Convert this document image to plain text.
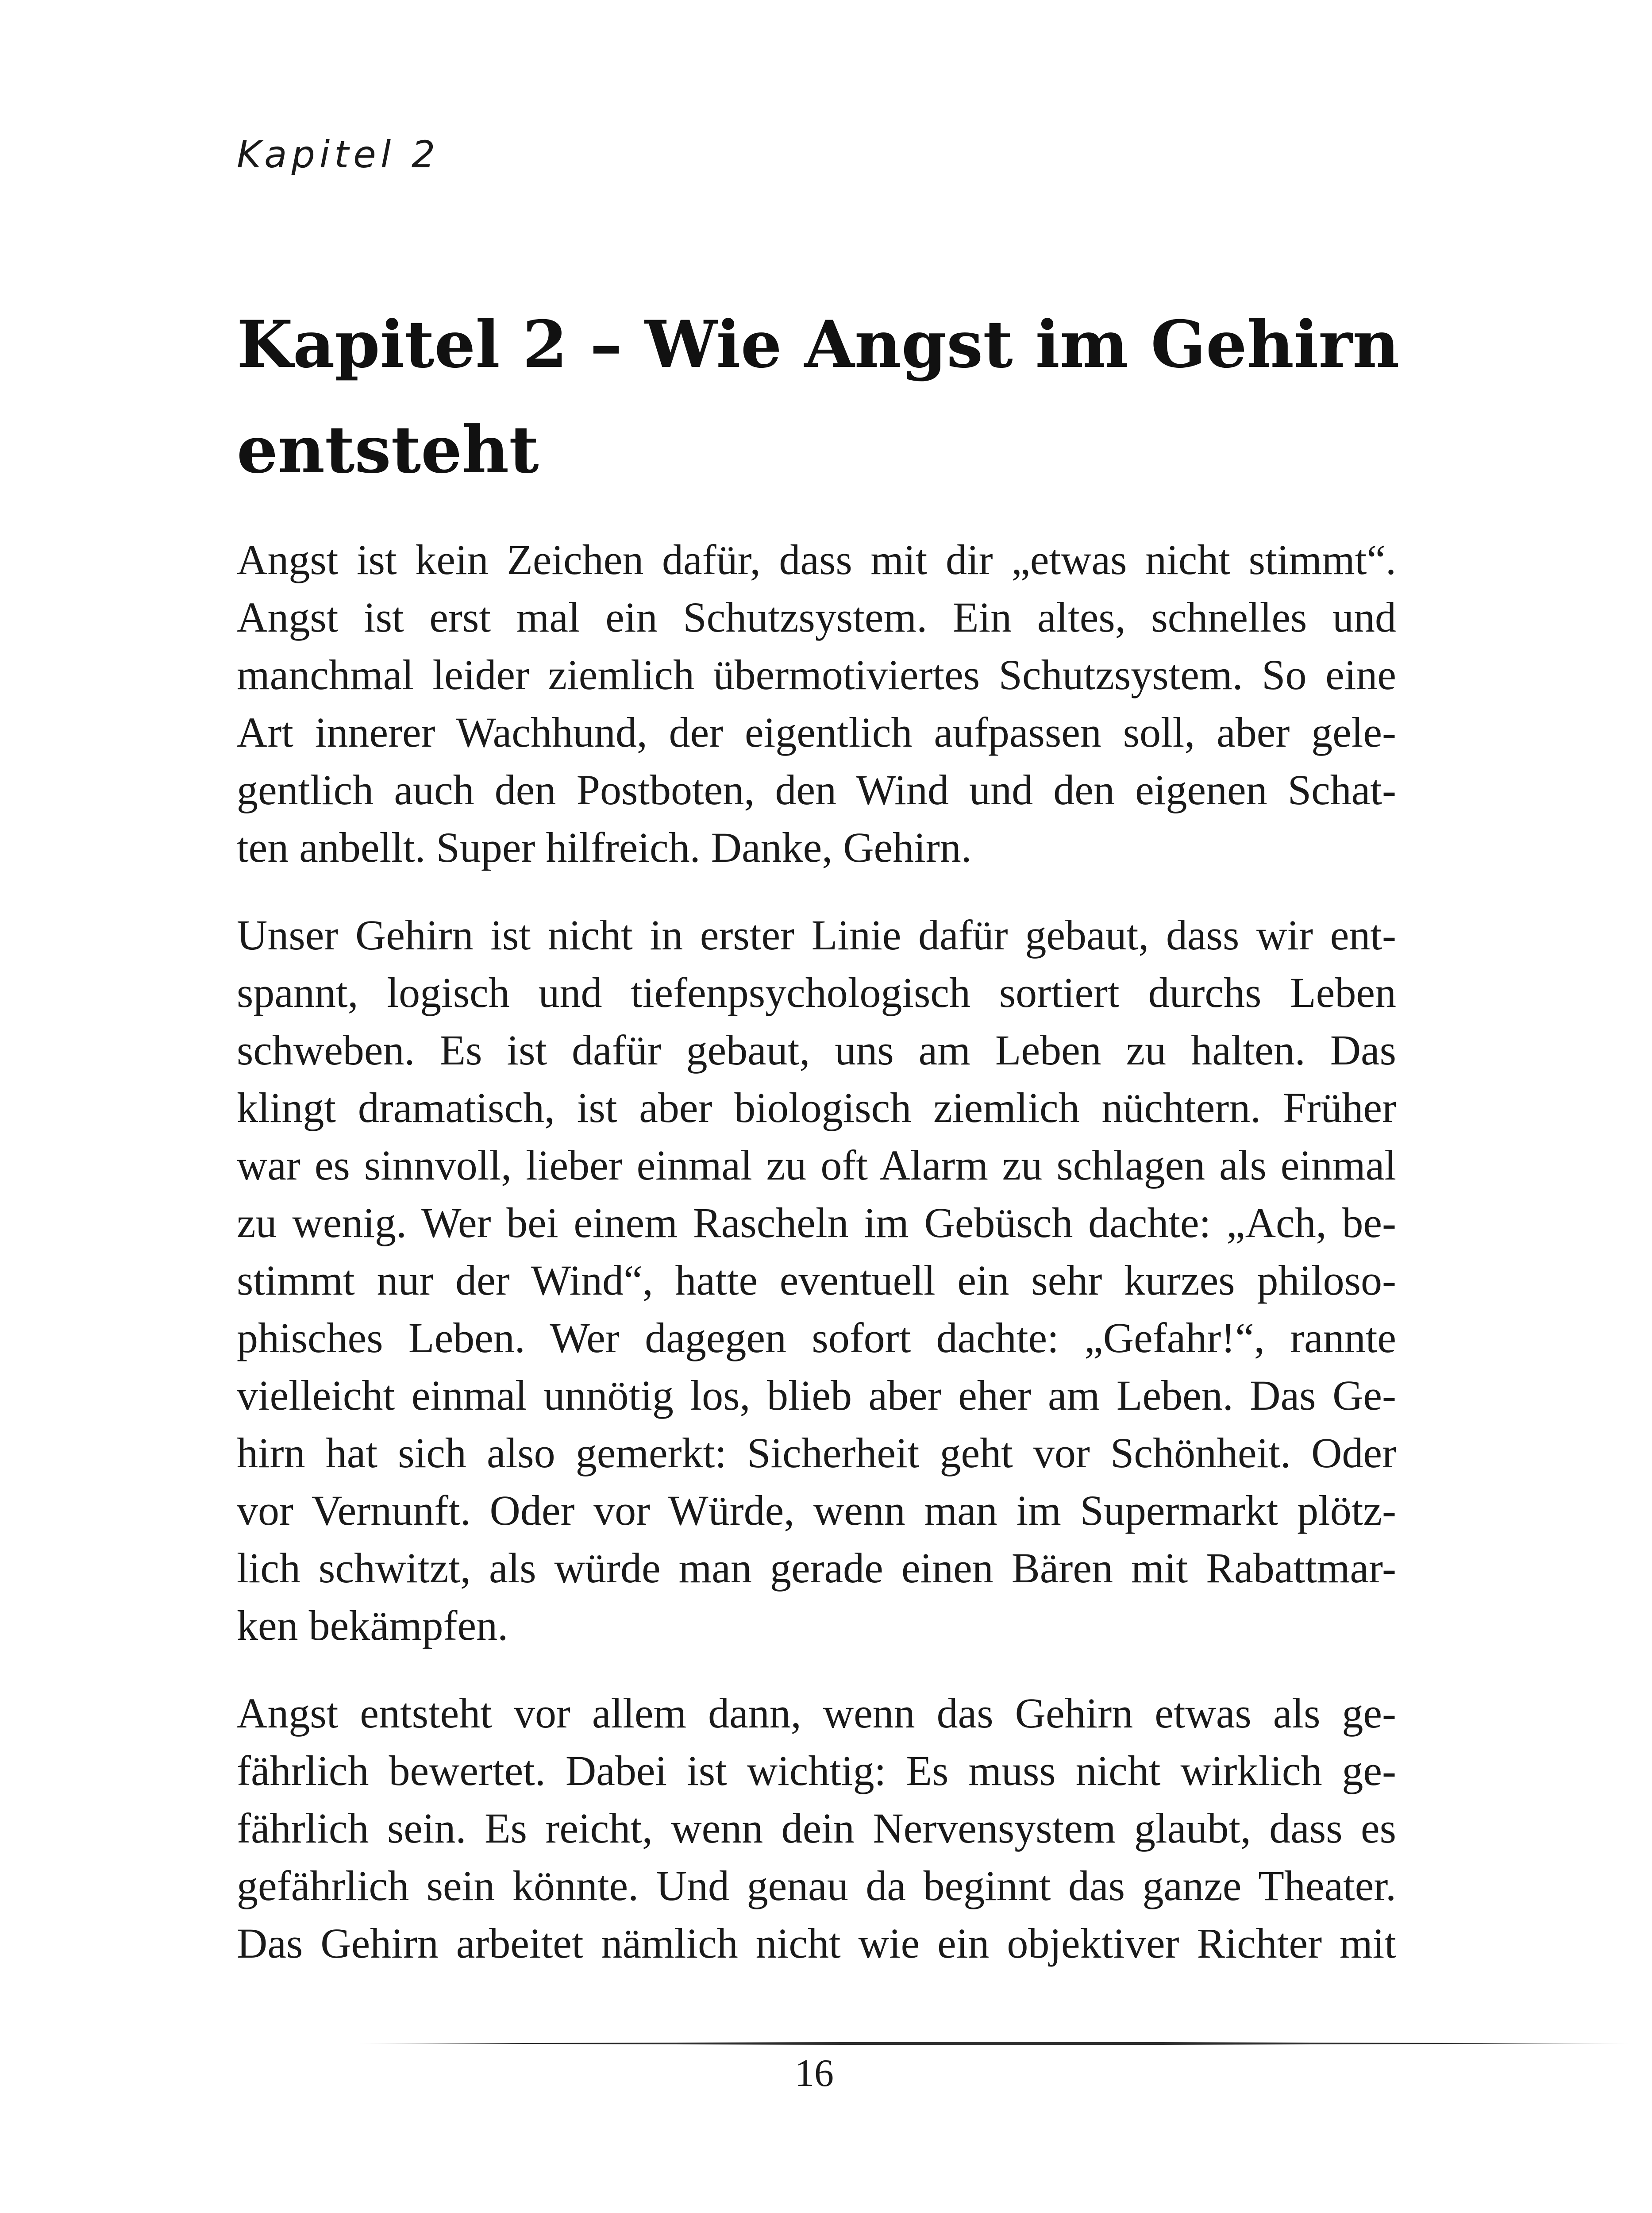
Kapitel 2
Kapitel 2 – Wie Angst im Gehirn
entsteht
Angst ist kein Zeichen dafür, dass mit dir „etwas nicht stimmt“.
Angst ist erst mal ein Schutzsystem. Ein altes, schnelles und
manchmal leider ziemlich übermotiviertes Schutzsystem. So eine
Art innerer Wachhund, der eigentlich aufpassen soll, aber gele-
gentlich auch den Postboten, den Wind und den eigenen Schat-
ten anbellt. Super hilfreich. Danke, Gehirn.
Unser Gehirn ist nicht in erster Linie dafür gebaut, dass wir ent-
spannt, logisch und tiefenpsychologisch sortiert durchs Leben
schweben. Es ist dafür gebaut, uns am Leben zu halten. Das
klingt dramatisch, ist aber biologisch ziemlich nüchtern. Früher
war es sinnvoll, lieber einmal zu oft Alarm zu schlagen als einmal
zu wenig. Wer bei einem Rascheln im Gebüsch dachte: „Ach, be-
stimmt nur der Wind“, hatte eventuell ein sehr kurzes philoso-
phisches Leben. Wer dagegen sofort dachte: „Gefahr!“, rannte
vielleicht einmal unnötig los, blieb aber eher am Leben. Das Ge-
hirn hat sich also gemerkt: Sicherheit geht vor Schönheit. Oder
vor Vernunft. Oder vor Würde, wenn man im Supermarkt plötz-
lich schwitzt, als würde man gerade einen Bären mit Rabattmar-
ken bekämpfen.
Angst entsteht vor allem dann, wenn das Gehirn etwas als ge-
fährlich bewertet. Dabei ist wichtig: Es muss nicht wirklich ge-
fährlich sein. Es reicht, wenn dein Nervensystem glaubt, dass es
gefährlich sein könnte. Und genau da beginnt das ganze Theater.
Das Gehirn arbeitet nämlich nicht wie ein objektiver Richter mit
16
